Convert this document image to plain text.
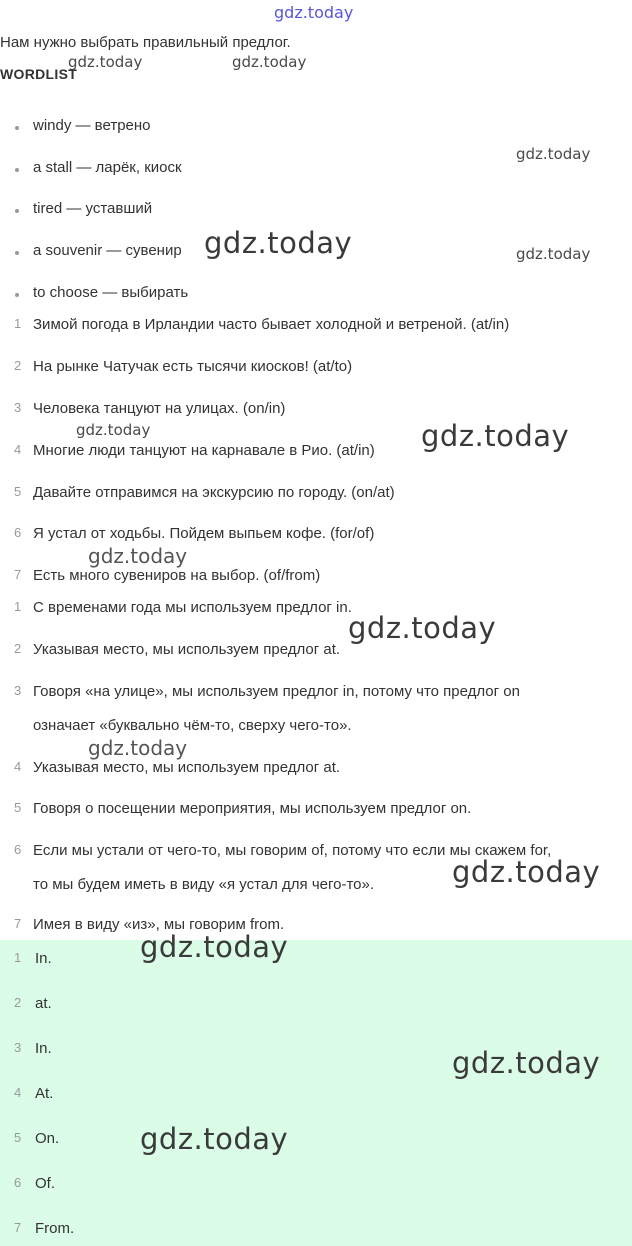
Нам нужно выбрать правильный предлог.
WORDLIST
windy — ветрено
a stall — ларёк, киоск
tired — уставший
a souvenir — сувенир
to choose — выбирать
1 Зимой погода в Ирландии часто бывает холодной и ветреной. (at/in)
2 На рынке Чатучак есть тысячи киосков! (at/to)
3 Человека танцуют на улицах. (on/in)
4 Многие люди танцуют на карнавале в Рио. (at/in)
5 Давайте отправимся на экскурсию по городу. (on/at)
6 Я устал от ходьбы. Пойдем выпьем кофе. (for/of)
7 Есть много сувениров на выбор. (of/from)
1 С временами года мы используем предлог in.
2 Указывая место, мы используем предлог at.
3 Говоря «на улице», мы используем предлог in, потому что предлог on
означает «буквально чём-то, сверху чего-то».
4 Указывая место, мы используем предлог at.
5 Говоря о посещении мероприятия, мы используем предлог on.
6 Если мы устали от чего-то, мы говорим of, потому что если мы скажем for,
то мы будем иметь в виду «я устал для чего-то».
7 Имея в виду «из», мы говорим from.
1 In.
2 at.
3 In.
4 At.
5 On.
6 Of.
7 From.
gdz.today
gdz.today	gdz.today
gdz.today
gdz.today
gdz.today
gdz.today	gdz.today
gdz.today
gdz.today
gdz.today
gdz.today
gdz.today
gdz.today
gdz.today
